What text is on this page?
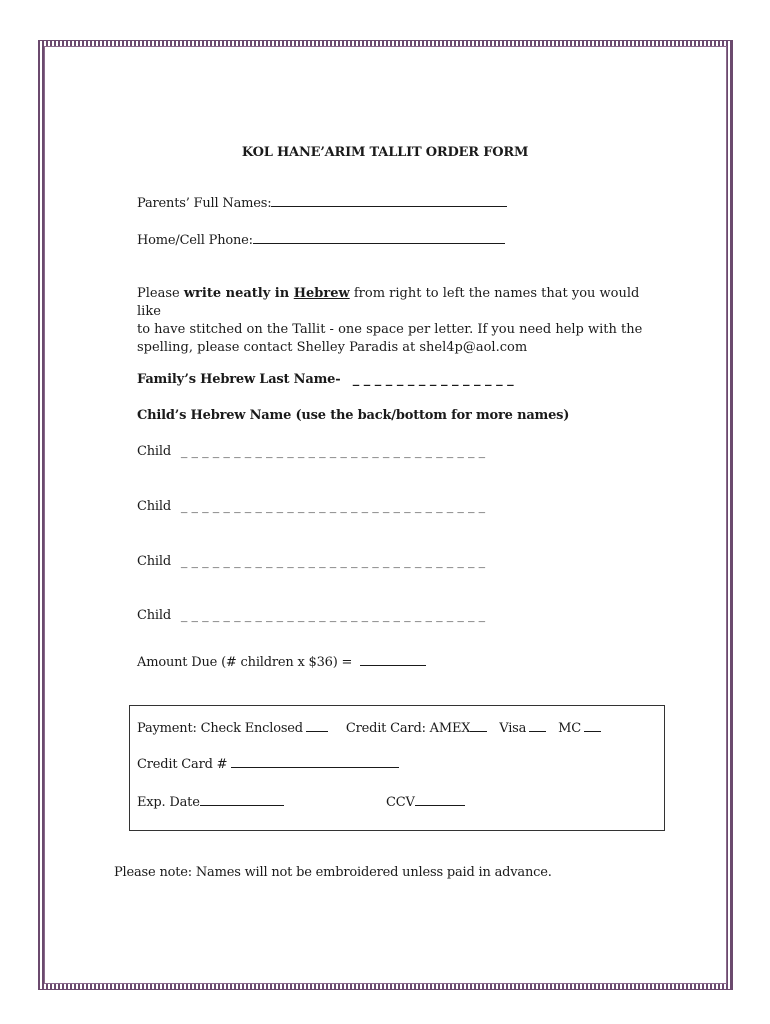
KOL HANE’ARIM TALLIT ORDER FORM
Parents’ Full Names:
Home/Cell Phone:
Please write neatly in Hebrew from right to left the names that you would like
to have stitched on the Tallit - one space per letter. If you need help with the
spelling, please contact Shelley Paradis at shel4p@aol.com
Family’s Hebrew Last Name- _ _ _ _ _ _ _ _ _ _ _ _ _ _ _
Child’s Hebrew Name (use the back/bottom for more names)
Child _ _ _ _ _ _ _ _ _ _ _ _ _ _ _ _ _ _ _ _ _ _ _ _ _ _ _ _ _
Child _ _ _ _ _ _ _ _ _ _ _ _ _ _ _ _ _ _ _ _ _ _ _ _ _ _ _ _ _
Child _ _ _ _ _ _ _ _ _ _ _ _ _ _ _ _ _ _ _ _ _ _ _ _ _ _ _ _ _
Child _ _ _ _ _ _ _ _ _ _ _ _ _ _ _ _ _ _ _ _ _ _ _ _ _ _ _ _ _
Amount Due (# children x $36) =
Payment: Check Enclosed	Credit Card: AMEX Visa MC
Credit Card #
Exp. Date	CCV
Please note: Names will not be embroidered unless paid in advance.
